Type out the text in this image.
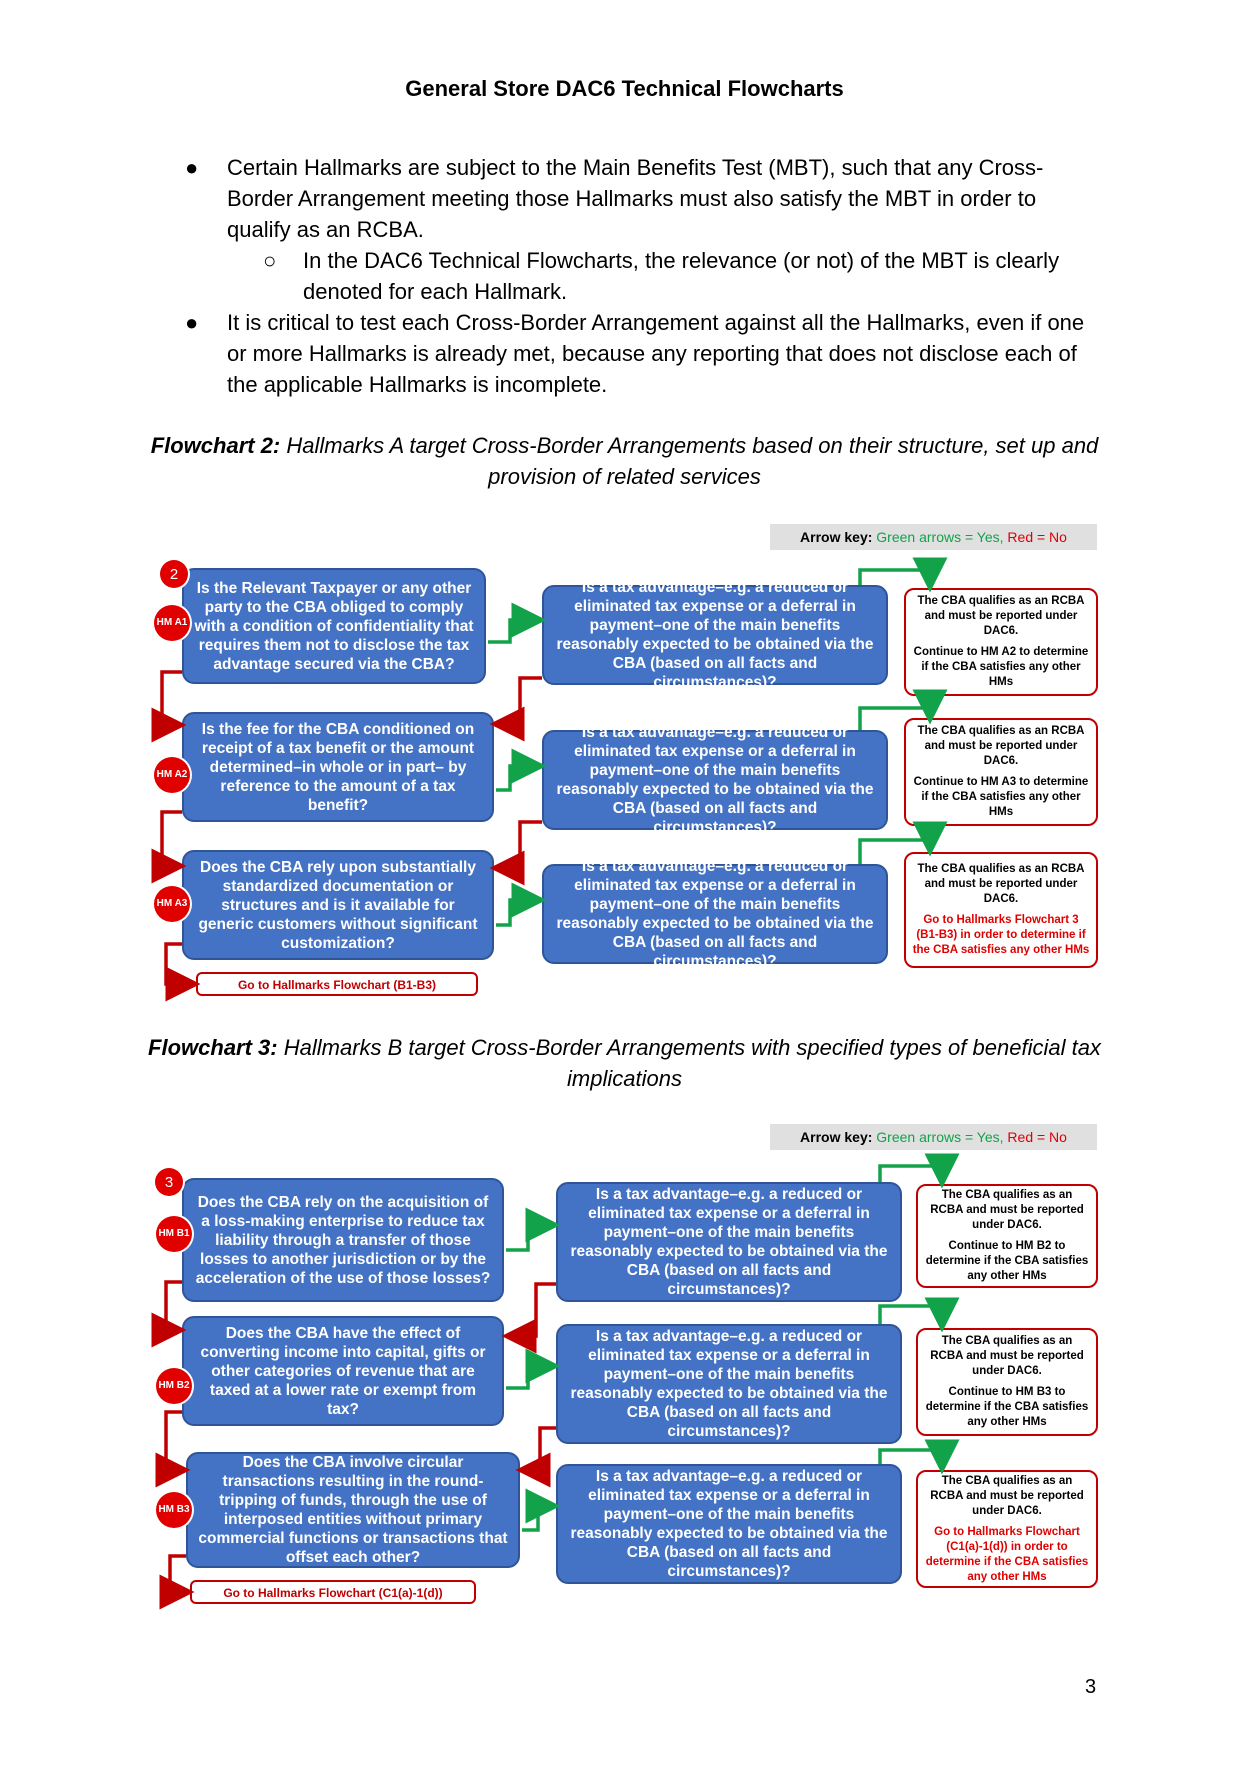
General Store DAC6 Technical Flowcharts

● Certain Hallmarks are subject to the Main Benefits Test (MBT), such that any Cross-Border Arrangement meeting those Hallmarks must also satisfy the MBT in order to qualify as an RCBA.

○ In the DAC6 Technical Flowcharts, the relevance (or not) of the MBT is clearly denoted for each Hallmark.

● It is critical to test each Cross-Border Arrangement against all the Hallmarks, even if one or more Hallmarks is already met, because any reporting that does not disclose each of the applicable Hallmarks is incomplete.

Flowchart 2: Hallmarks A target Cross-Border Arrangements based on their structure, set up and provision of related services
Arrow key: Green arrows = Yes, Red = No
Is the Relevant Taxpayer or any other party to the CBA obliged to comply with a condition of confidentiality that requires them not to disclose the tax advantage secured via the CBA?
Is the fee for the CBA conditioned on receipt of a tax benefit or the amount determined–in whole or in part– by reference to the amount of a tax benefit?
Does the CBA rely upon substantially standardized documentation or structures and is it available for generic customers without significant customization?
Is a tax advantage–e.g. a reduced or eliminated tax expense or a deferral in payment–one of the main benefits reasonably expected to be obtained via the CBA (based on all facts and circumstances)?
Is a tax advantage–e.g. a reduced or eliminated tax expense or a deferral in payment–one of the main benefits reasonably expected to be obtained via the CBA (based on all facts and circumstances)?
Is a tax advantage–e.g. a reduced or eliminated tax expense or a deferral in payment–one of the main benefits reasonably expected to be obtained via the CBA (based on all facts and circumstances)?

The CBA qualifies as an RCBA and must be reported under DAC6.

Continue to HM A2 to determine if the CBA satisfies any other HMs

The CBA qualifies as an RCBA and must be reported under DAC6.

Continue to HM A3 to determine if the CBA satisfies any other HMs

The CBA qualifies as an RCBA and must be reported under DAC6.

Go to Hallmarks Flowchart 3 (B1-B3) in order to determine if the CBA satisfies any other HMs

Go to Hallmarks Flowchart (B1-B3)
Flowchart 3: Hallmarks B target Cross-Border Arrangements with specified types of beneficial tax implications
Arrow key: Green arrows = Yes, Red = No
Does the CBA rely on the acquisition of a loss-making enterprise to reduce tax liability through a transfer of those losses to another jurisdiction or by the acceleration of the use of those losses?
Does the CBA have the effect of converting income into capital, gifts or other categories of revenue that are taxed at a lower rate or exempt from tax?
Does the CBA involve circular transactions resulting in the round-tripping of funds, through the use of interposed entities without primary commercial functions or transactions that offset each other?
Is a tax advantage–e.g. a reduced or eliminated tax expense or a deferral in payment–one of the main benefits reasonably expected to be obtained via the CBA (based on all facts and circumstances)?
Is a tax advantage–e.g. a reduced or eliminated tax expense or a deferral in payment–one of the main benefits reasonably expected to be obtained via the CBA (based on all facts and circumstances)?
Is a tax advantage–e.g. a reduced or eliminated tax expense or a deferral in payment–one of the main benefits reasonably expected to be obtained via the CBA (based on all facts and circumstances)?

The CBA qualifies as an RCBA and must be reported under DAC6.

Continue to HM B2 to determine if the CBA satisfies any other HMs

The CBA qualifies as an RCBA and must be reported under DAC6.

Continue to HM B3 to determine if the CBA satisfies any other HMs

The CBA qualifies as an RCBA and must be reported under DAC6.

Go to Hallmarks Flowchart (C1(a)-1(d)) in order to determine if the CBA satisfies any other HMs

Go to Hallmarks Flowchart (C1(a)-1(d))
2
HM A1
HM A2
HM A3
3
HM B1
HM B2
HM B3
3
